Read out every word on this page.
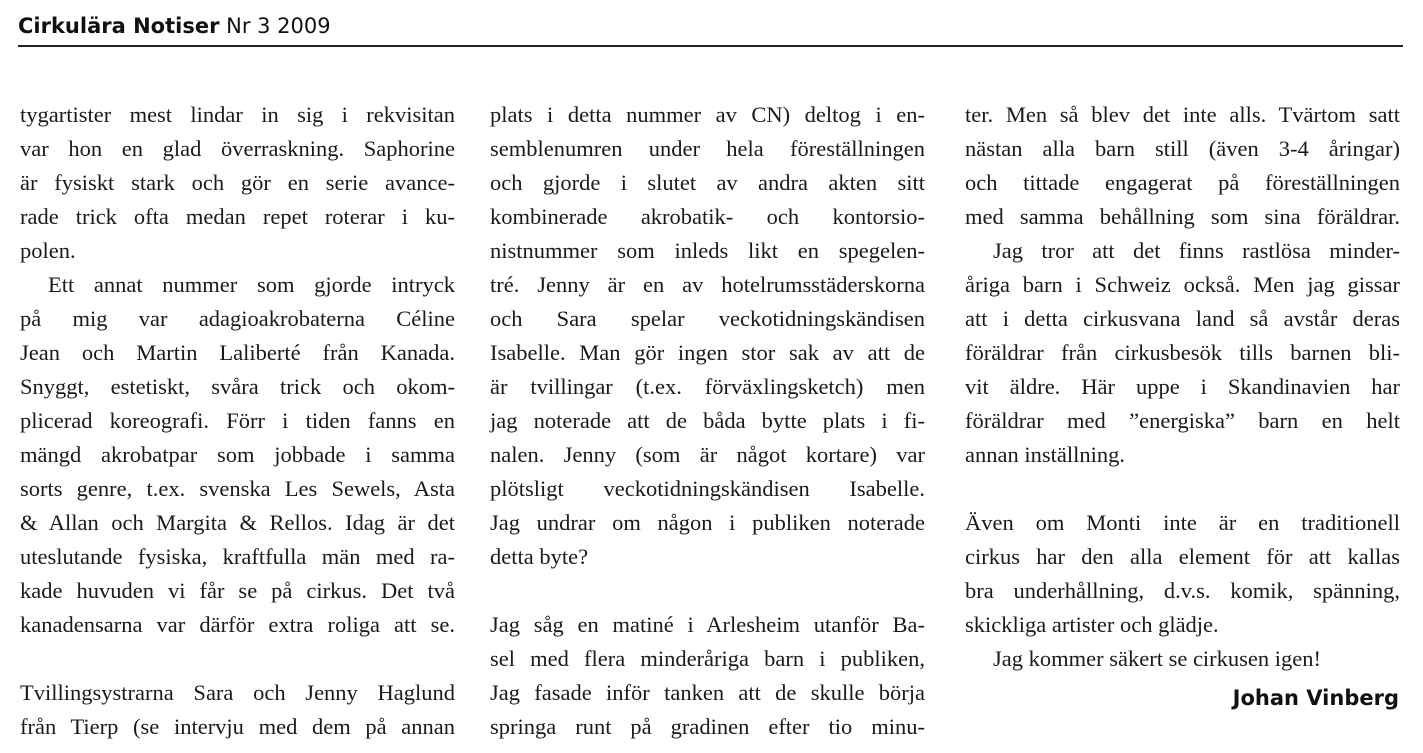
Cirkulära Notiser Nr 3 2009
tygartister mest lindar in sig i rekvisitan
var hon en glad överraskning. Saphorine
är fysiskt stark och gör en serie avance-
rade trick ofta medan repet roterar i ku-
polen.
Ett annat nummer som gjorde intryck
på mig var adagioakrobaterna Céline
Jean och Martin Laliberté från Kanada.
Snyggt, estetiskt, svåra trick och okom-
plicerad koreografi. Förr i tiden fanns en
mängd akrobatpar som jobbade i samma
sorts genre, t.ex. svenska Les Sewels, Asta
& Allan och Margita & Rellos. Idag är det
uteslutande fysiska, kraftfulla män med ra-
kade huvuden vi får se på cirkus. Det två
kanadensarna var därför extra roliga att se.
Tvillingsystrarna Sara och Jenny Haglund
från Tierp (se intervju med dem på annan
plats i detta nummer av CN) deltog i en-
semblenumren under hela föreställningen
och gjorde i slutet av andra akten sitt
kombinerade akrobatik- och kontorsio-
nistnummer som inleds likt en spegelen-
tré. Jenny är en av hotelrumsstäderskorna
och Sara spelar veckotidningskändisen
Isabelle. Man gör ingen stor sak av att de
är tvillingar (t.ex. förväxlingsketch) men
jag noterade att de båda bytte plats i fi-
nalen. Jenny (som är något kortare) var
plötsligt veckotidningskändisen Isabelle.
Jag undrar om någon i publiken noterade
detta byte?
Jag såg en matiné i Arlesheim utanför Ba-
sel med flera minderåriga barn i publiken,
Jag fasade inför tanken att de skulle börja
springa runt på gradinen efter tio minu-
ter. Men så blev det inte alls. Tvärtom satt
nästan alla barn still (även 3-4 åringar)
och tittade engagerat på föreställningen
med samma behållning som sina föräldrar.
Jag tror att det finns rastlösa minder-
åriga barn i Schweiz också. Men jag gissar
att i detta cirkusvana land så avstår deras
föräldrar från cirkusbesök tills barnen bli-
vit äldre. Här uppe i Skandinavien har
föräldrar med ”energiska” barn en helt
annan inställning.
Även om Monti inte är en traditionell
cirkus har den alla element för att kallas
bra underhållning, d.v.s. komik, spänning,
skickliga artister och glädje.
Jag kommer säkert se cirkusen igen!
Johan Vinberg
